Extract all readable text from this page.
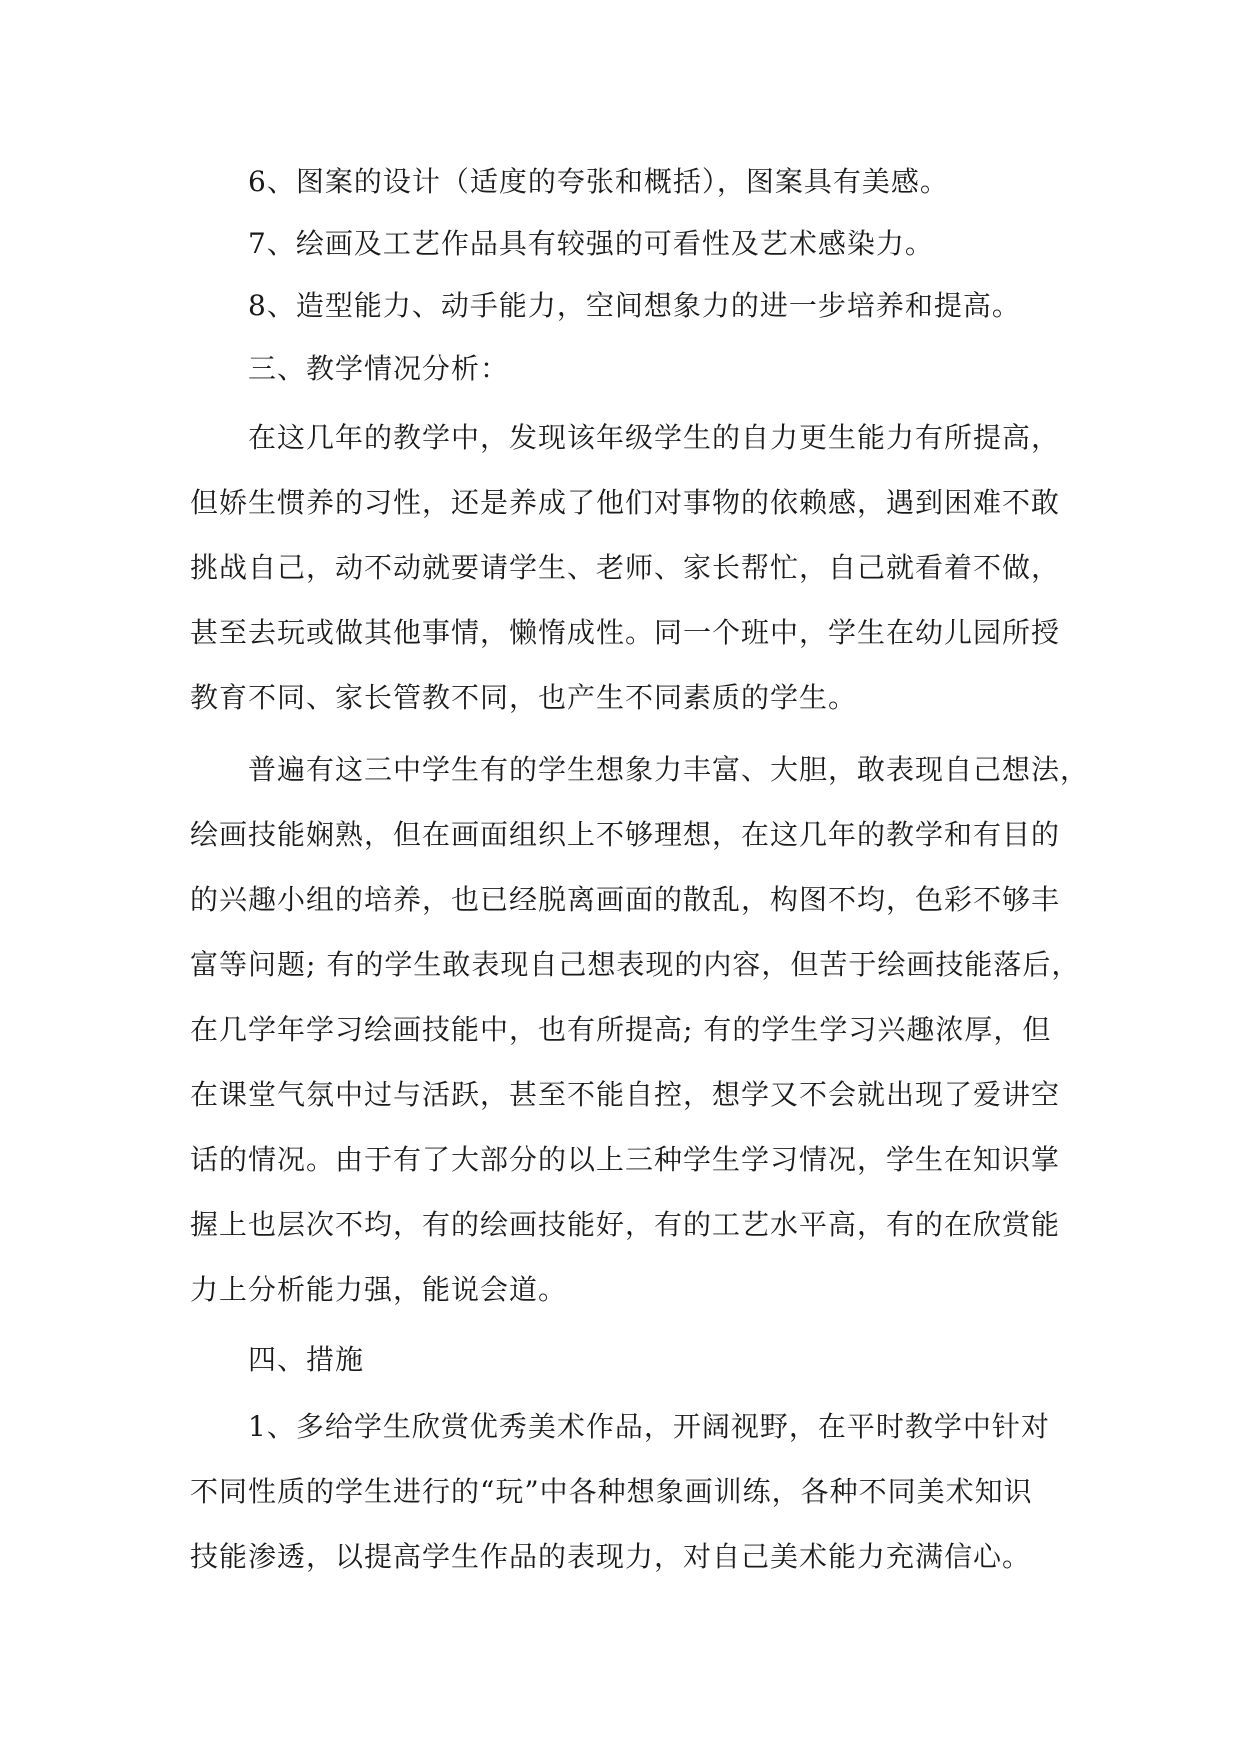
6、图案的设计（适度的夸张和概括），图案具有美感。

7、绘画及工艺作品具有较强的可看性及艺术感染力。

8、造型能力、动手能力，空间想象力的进一步培养和提高。

三、教学情况分析：

在这几年的教学中，发现该年级学生的自力更生能力有所提高，

但娇生惯养的习性，还是养成了他们对事物的依赖感，遇到困难不敢

挑战自己，动不动就要请学生、老师、家长帮忙，自己就看着不做，

甚至去玩或做其他事情，懒惰成性。同一个班中，学生在幼儿园所授

教育不同、家长管教不同，也产生不同素质的学生。

普遍有这三中学生有的学生想象力丰富、大胆，敢表现自己想法，

绘画技能娴熟，但在画面组织上不够理想，在这几年的教学和有目的

的兴趣小组的培养，也已经脱离画面的散乱，构图不均，色彩不够丰

富等问题; 有的学生敢表现自己想表现的内容，但苦于绘画技能落后，

在几学年学习绘画技能中，也有所提高; 有的学生学习兴趣浓厚，但

在课堂气氛中过与活跃，甚至不能自控，想学又不会就出现了爱讲空

话的情况。由于有了大部分的以上三种学生学习情况，学生在知识掌

握上也层次不均，有的绘画技能好，有的工艺水平高，有的在欣赏能

力上分析能力强，能说会道。

四、措施

1、多给学生欣赏优秀美术作品，开阔视野，在平时教学中针对

不同性质的学生进行的“玩”中各种想象画训练，各种不同美术知识

技能渗透，以提高学生作品的表现力，对自己美术能力充满信心。
